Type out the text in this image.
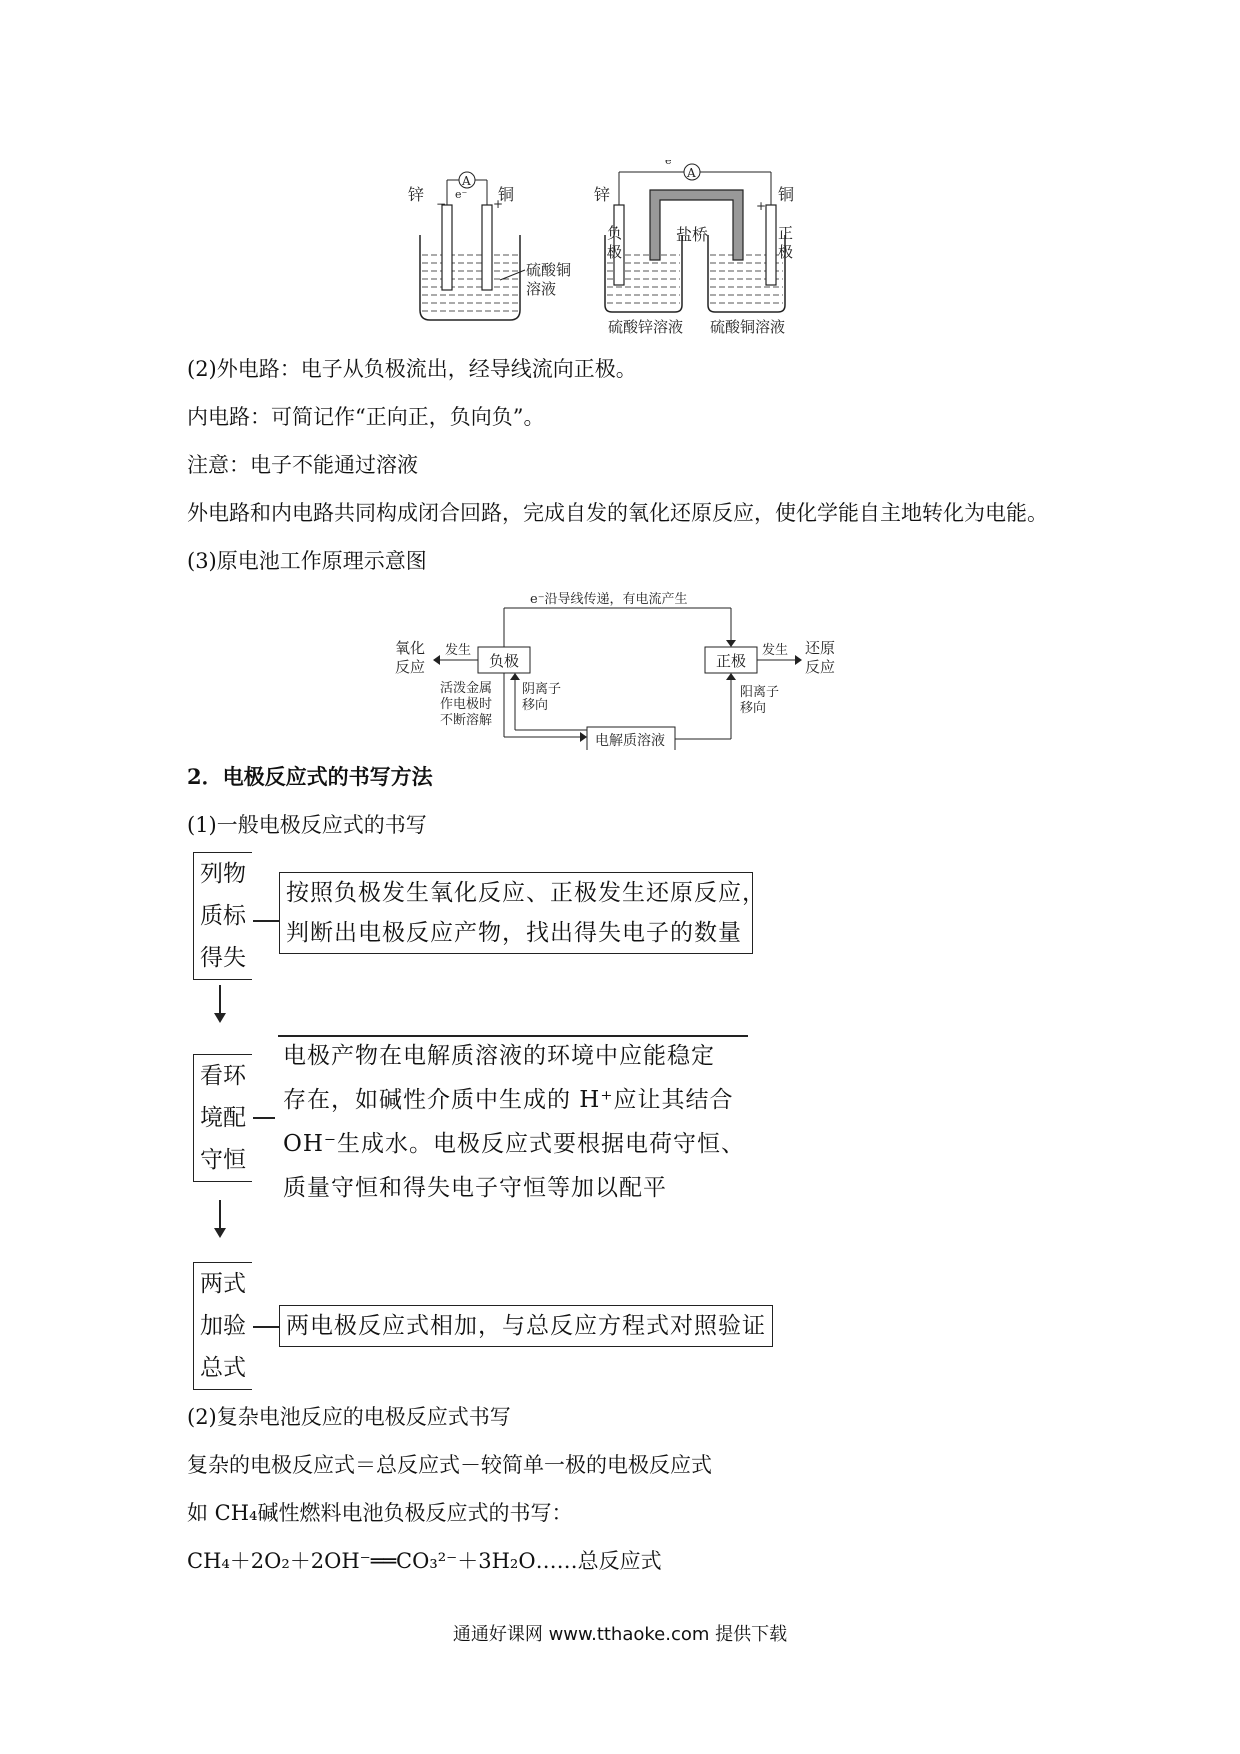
A
e⁻
−	+
锌	铜
硫酸铜
溶液
盐桥
A
e⁻
锌	铜
负
极
正
极
+
硫酸锌溶液 硫酸铜溶液
(2)外电路：电子从负极流出，经导线流向正极。
内电路：可简记作“正向正，负向负”。
注意：电子不能通过溶液
外电路和内电路共同构成闭合回路，完成自发的氧化还原反应，使化学能自主地转化为电能。
(3)原电池工作原理示意图
负极	正极
e⁻沿导线传递，有电流产生
发生
氧化
反应
发生 还原
反应
活泼金属
作电极时
不断溶解
电解质溶液
阴离子
移向
阳离子
移向
2．电极反应式的书写方法
(1)一般电极反应式的书写
列物
质标
得失
按照负极发生氧化反应、正极发生还原反应，
判断出电极反应产物，找出得失电子的数量
看环
境配
守恒
电极产物在电解质溶液的环境中应能稳定
存在，如碱性介质中生成的 H⁺应让其结合
OH⁻生成水。电极反应式要根据电荷守恒、
质量守恒和得失电子守恒等加以配平
两式
加验
总式
两电极反应式相加，与总反应方程式对照验证
(2)复杂电池反应的电极反应式书写
复杂的电极反应式＝总反应式－较简单一极的电极反应式
如 CH₄碱性燃料电池负极反应式的书写：
CH₄＋2O₂＋2OH⁻══CO₃²⁻＋3H₂O……总反应式
通通好课网 www.tthaoke.com 提供下载
